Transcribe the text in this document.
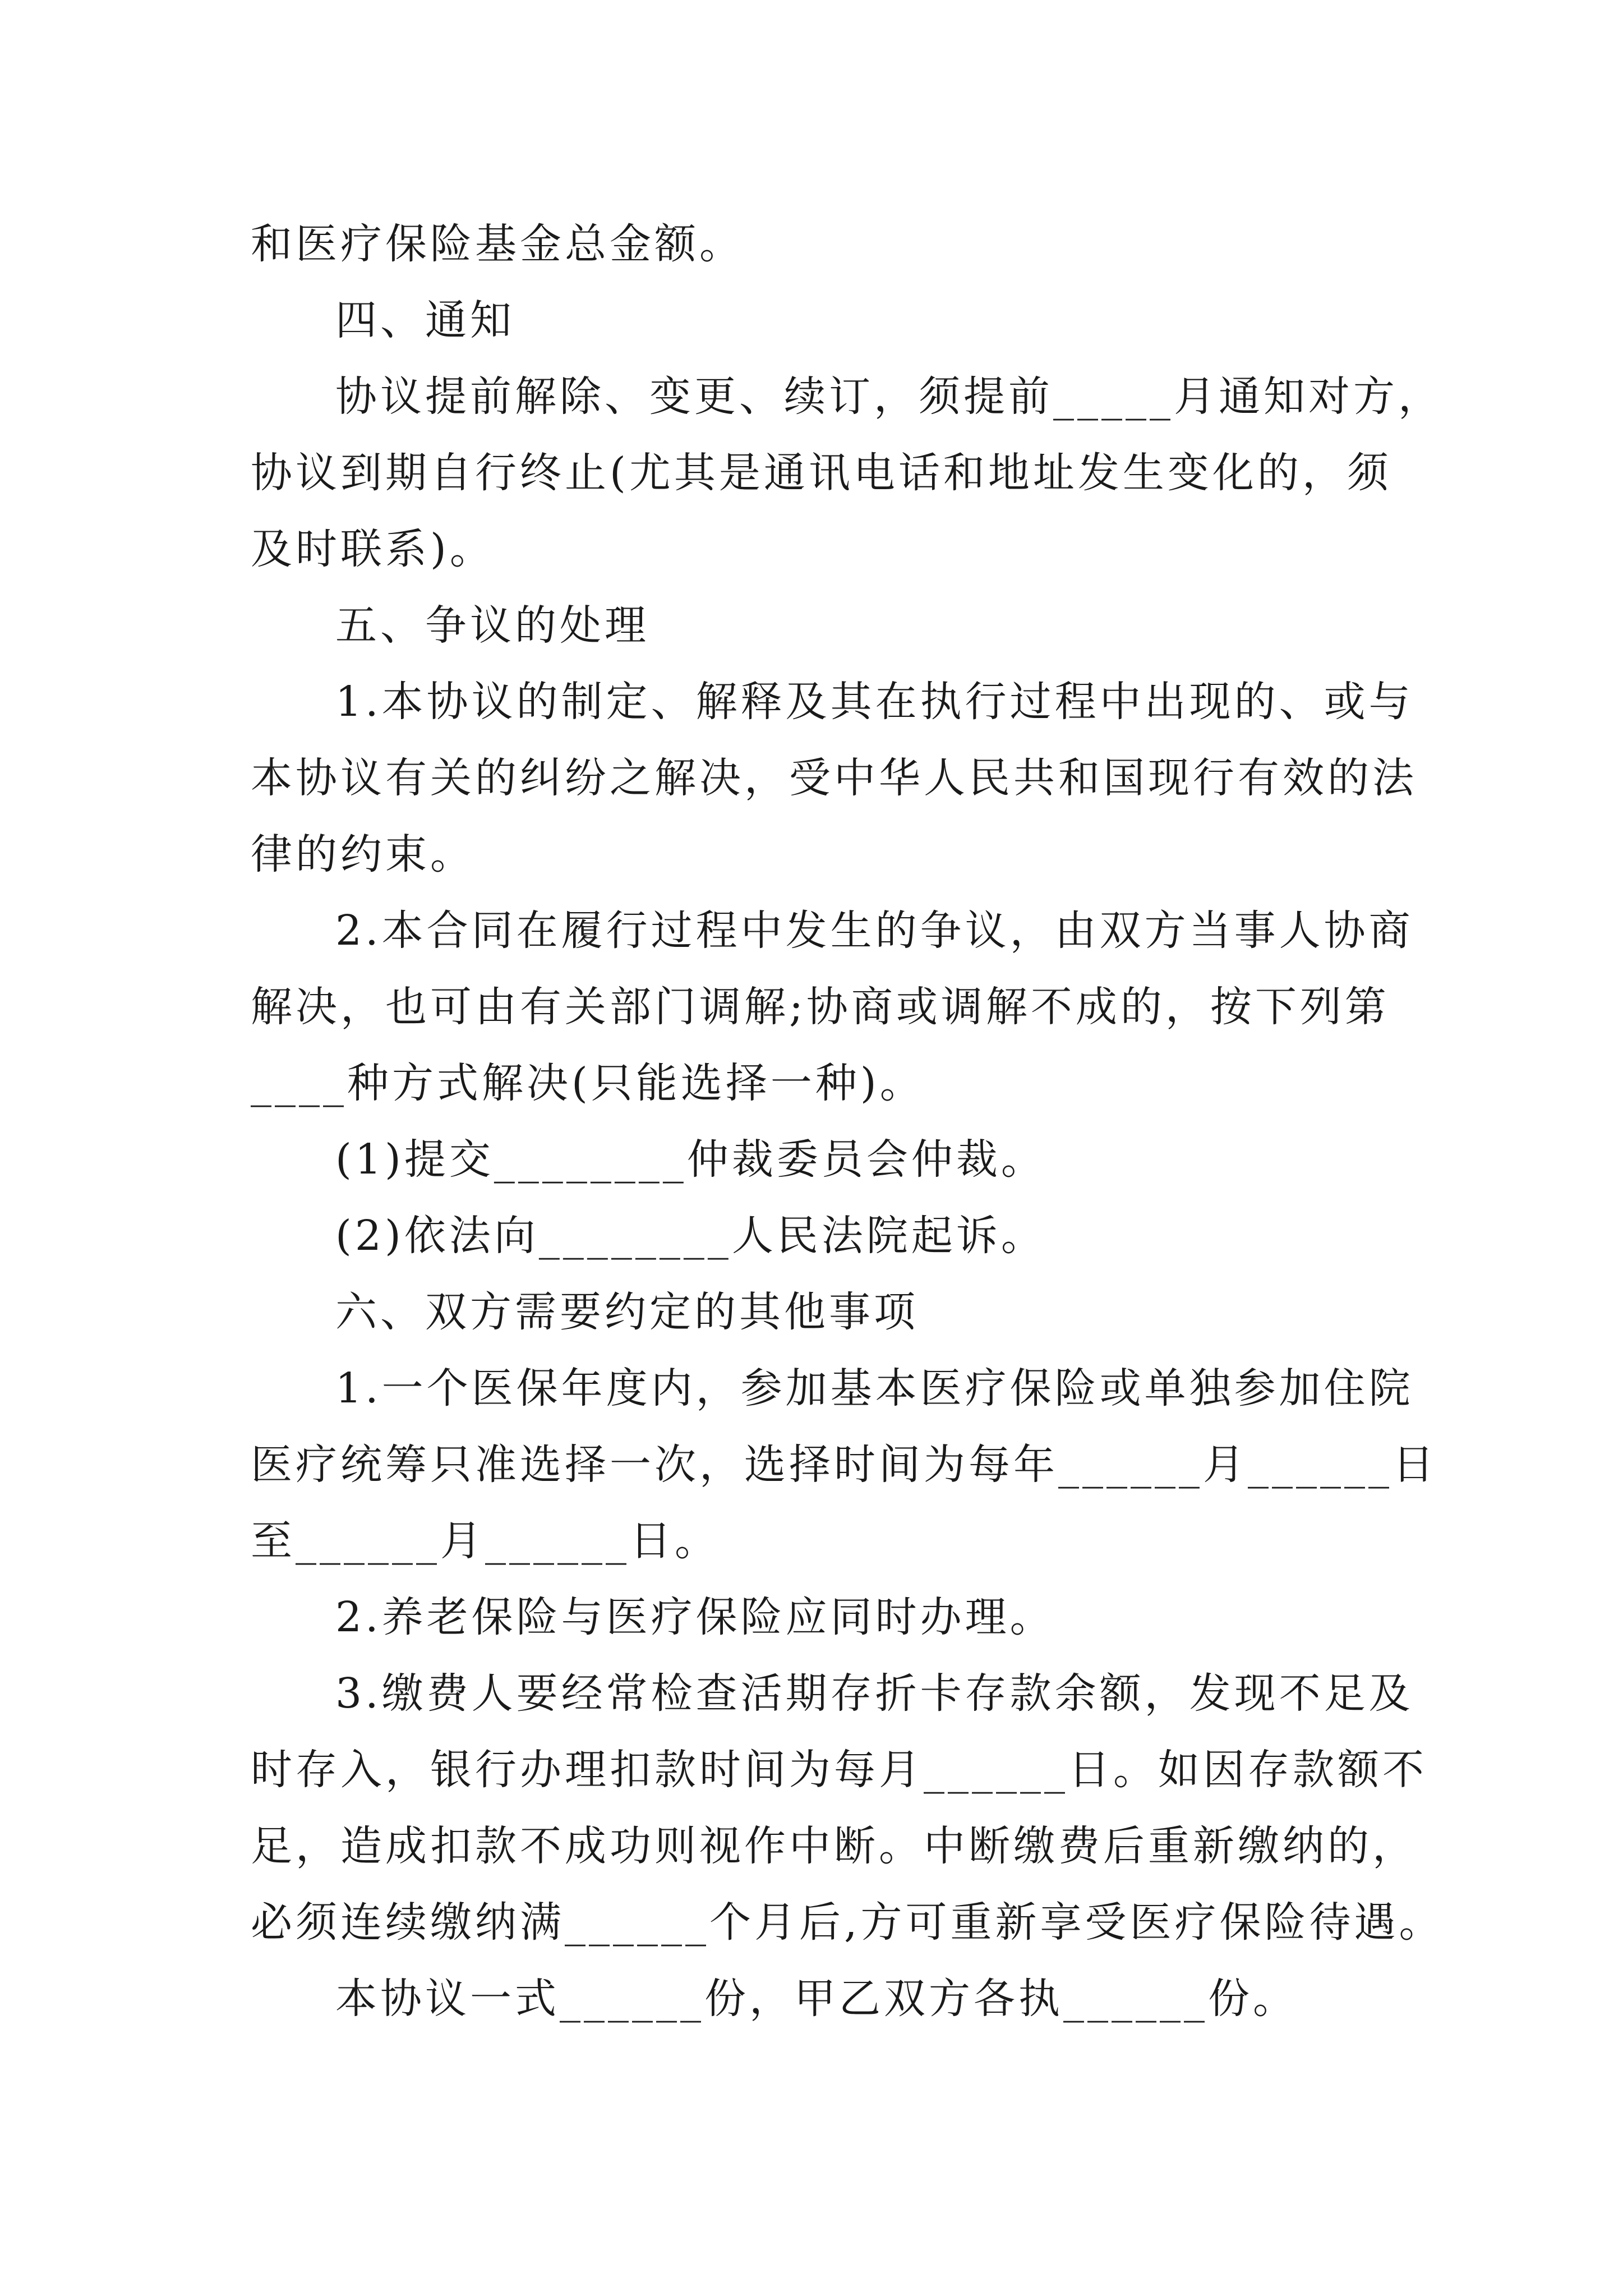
和医疗保险基金总金额。
四、通知
协议提前解除、变更、续订，须提前_____月通知对方，
协议到期自行终止(尤其是通讯电话和地址发生变化的，须
及时联系)。
五、争议的处理
1.本协议的制定、解释及其在执行过程中出现的、或与
本协议有关的纠纷之解决，受中华人民共和国现行有效的法
律的约束。
2.本合同在履行过程中发生的争议，由双方当事人协商
解决，也可由有关部门调解;协商或调解不成的，按下列第
____种方式解决(只能选择一种)。
(1)提交________仲裁委员会仲裁。
(2)依法向________人民法院起诉。
六、双方需要约定的其他事项
1.一个医保年度内，参加基本医疗保险或单独参加住院
医疗统筹只准选择一次，选择时间为每年______月______日
至______月______日。
2.养老保险与医疗保险应同时办理。
3.缴费人要经常检查活期存折卡存款余额，发现不足及
时存入，银行办理扣款时间为每月______日。如因存款额不
足，造成扣款不成功则视作中断。中断缴费后重新缴纳的，
必须连续缴纳满______个月后,方可重新享受医疗保险待遇。
本协议一式______份，甲乙双方各执______份。
